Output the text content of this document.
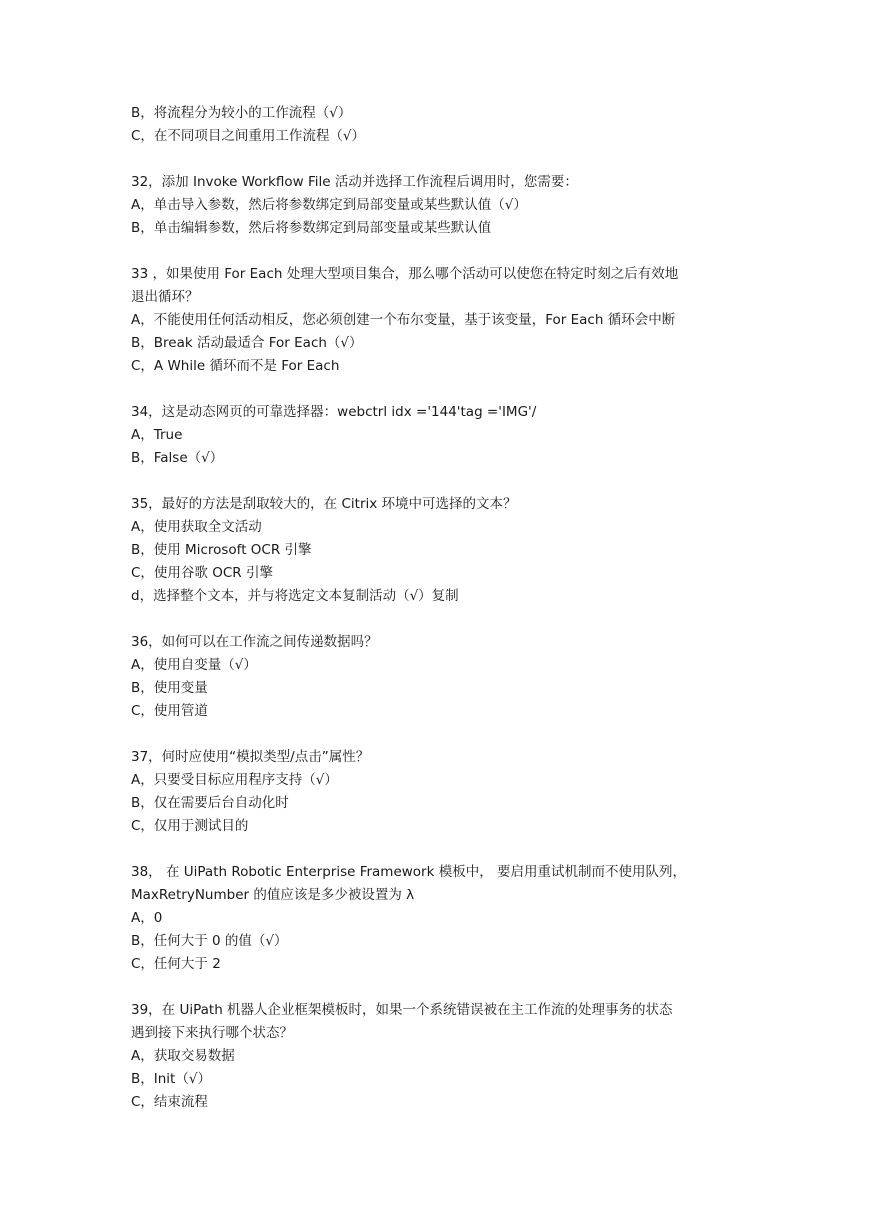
B，将流程分为较小的工作流程（√）
C，在不同项目之间重用工作流程（√）
32，添加 Invoke Workflow File 活动并选择工作流程后调用时，您需要：
A，单击导入参数，然后将参数绑定到局部变量或某些默认值（√）
B，单击编辑参数，然后将参数绑定到局部变量或某些默认值
33 ，如果使用 For Each 处理大型项目集合，那么哪个活动可以使您在特定时刻之后有效地
退出循环？
A，不能使用任何活动相反，您必须创建一个布尔变量，基于该变量，For Each 循环会中断
B，Break 活动最适合 For Each（√）
C，A While 循环而不是 For Each
34，这是动态网页的可靠选择器：webctrl idx ='144'tag ='IMG'/
A，True
B，False（√）
35，最好的方法是刮取较大的，在 Citrix 环境中可选择的文本？
A，使用获取全文活动
B，使用 Microsoft OCR 引擎
C，使用谷歌 OCR 引擎
d，选择整个文本，并与将选定文本复制活动（√）复制
36，如何可以在工作流之间传递数据吗？
A，使用自变量（√）
B，使用变量
C，使用管道
37，何时应使用“模拟类型/点击”属性？
A，只要受目标应用程序支持（√）
B，仅在需要后台自动化时
C，仅用于测试目的
38， 在 UiPath Robotic Enterprise Framework 模板中， 要启用重试机制而不使用队列，
MaxRetryNumber 的值应该是多少被设置为 λ
A，0
B，任何大于 0 的值（√）
C，任何大于 2
39，在 UiPath 机器人企业框架模板时，如果一个系统错误被在主工作流的处理事务的状态
遇到接下来执行哪个状态？
A，获取交易数据
B，Init（√）
C，结束流程
